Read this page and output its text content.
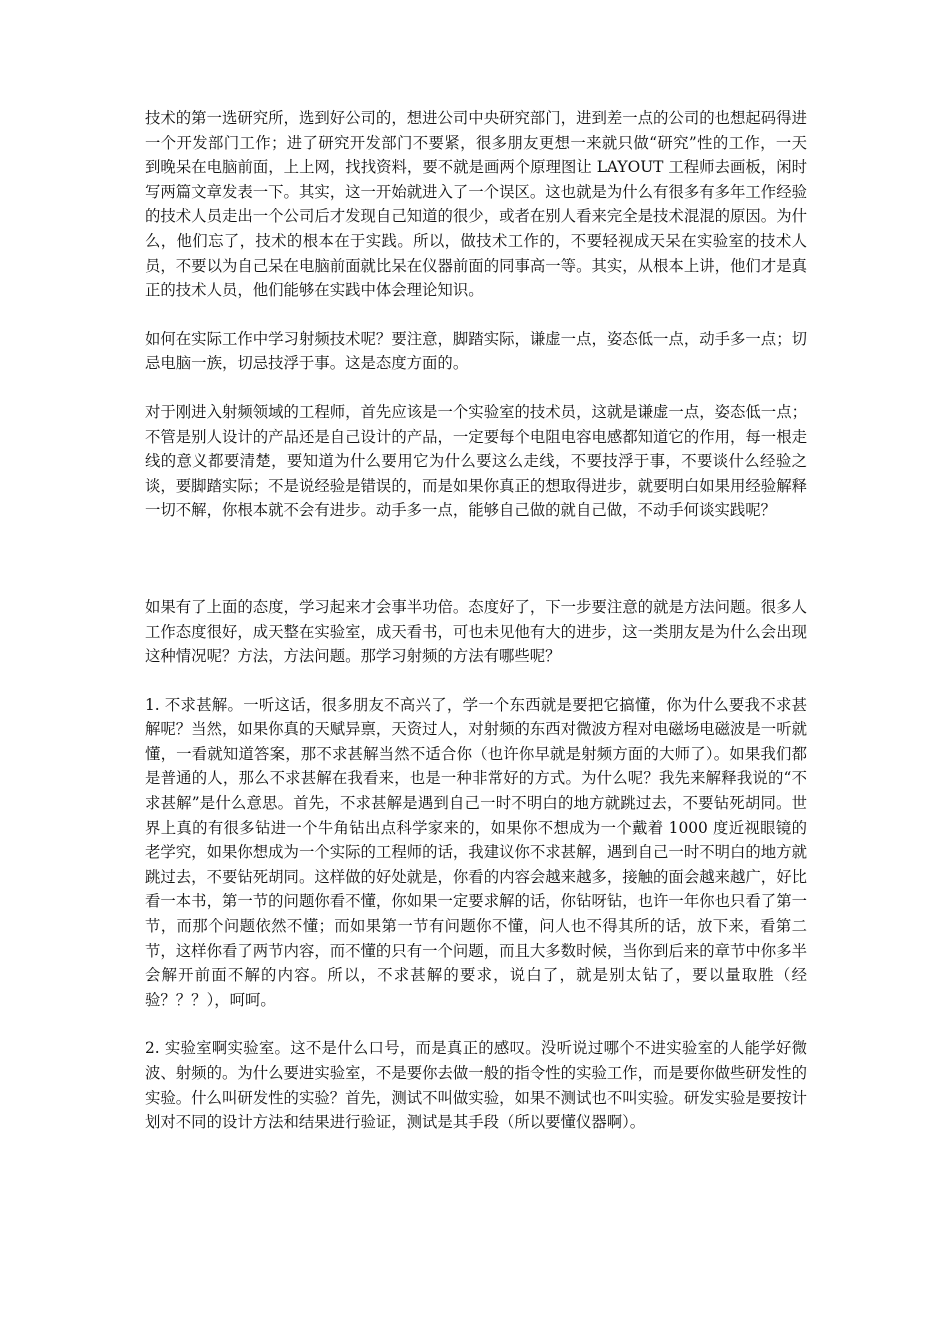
技术的第一选研究所，选到好公司的，想进公司中央研究部门，进到差一点的公司的也想起码得进一个开发部门工作；进了研究开发部门不要紧，很多朋友更想一来就只做“研究”性的工作，一天到晚呆在电脑前面，上上网，找找资料，要不就是画两个原理图让 LAYOUT 工程师去画板，闲时写两篇文章发表一下。其实，这一开始就进入了一个误区。这也就是为什么有很多有多年工作经验的技术人员走出一个公司后才发现自己知道的很少，或者在别人看来完全是技术混混的原因。为什么，他们忘了，技术的根本在于实践。所以，做技术工作的，不要轻视成天呆在实验室的技术人员，不要以为自己呆在电脑前面就比呆在仪器前面的同事高一等。其实，从根本上讲，他们才是真正的技术人员，他们能够在实践中体会理论知识。

如何在实际工作中学习射频技术呢？要注意，脚踏实际，谦虚一点，姿态低一点，动手多一点；切忌电脑一族，切忌技浮于事。这是态度方面的。

对于刚进入射频领域的工程师，首先应该是一个实验室的技术员，这就是谦虚一点，姿态低一点；不管是别人设计的产品还是自己设计的产品，一定要每个电阻电容电感都知道它的作用，每一根走线的意义都要清楚，要知道为什么要用它为什么要这么走线，不要技浮于事，不要谈什么经验之谈，要脚踏实际；不是说经验是错误的，而是如果你真正的想取得进步，就要明白如果用经验解释一切不解，你根本就不会有进步。动手多一点，能够自己做的就自己做，不动手何谈实践呢？

如果有了上面的态度，学习起来才会事半功倍。态度好了，下一步要注意的就是方法问题。很多人工作态度很好，成天整在实验室，成天看书，可也未见他有大的进步，这一类朋友是为什么会出现这种情况呢？方法，方法问题。那学习射频的方法有哪些呢？

1. 不求甚解。一听这话，很多朋友不高兴了，学一个东西就是要把它搞懂，你为什么要我不求甚解呢？当然，如果你真的天赋异禀，天资过人，对射频的东西对微波方程对电磁场电磁波是一听就懂，一看就知道答案，那不求甚解当然不适合你（也许你早就是射频方面的大师了）。如果我们都是普通的人，那么不求甚解在我看来，也是一种非常好的方式。为什么呢？我先来解释我说的“不求甚解”是什么意思。首先，不求甚解是遇到自己一时不明白的地方就跳过去，不要钻死胡同。世界上真的有很多钻进一个牛角钻出点科学家来的，如果你不想成为一个戴着 1000 度近视眼镜的老学究，如果你想成为一个实际的工程师的话，我建议你不求甚解，遇到自己一时不明白的地方就跳过去，不要钻死胡同。这样做的好处就是，你看的内容会越来越多，接触的面会越来越广，好比看一本书，第一节的问题你看不懂，你如果一定要求解的话，你钻呀钻，也许一年你也只看了第一节，而那个问题依然不懂；而如果第一节有问题你不懂，问人也不得其所的话，放下来，看第二节，这样你看了两节内容，而不懂的只有一个问题，而且大多数时候，当你到后来的章节中你多半会解开前面不解的内容。所以，不求甚解的要求，说白了，就是别太钻了，要以量取胜（经验？？？），呵呵。

2. 实验室啊实验室。这不是什么口号，而是真正的感叹。没听说过哪个不进实验室的人能学好微波、射频的。为什么要进实验室，不是要你去做一般的指令性的实验工作，而是要你做些研发性的实验。什么叫研发性的实验？首先，测试不叫做实验，如果不测试也不叫实验。研发实验是要按计划对不同的设计方法和结果进行验证，测试是其手段（所以要懂仪器啊）。
